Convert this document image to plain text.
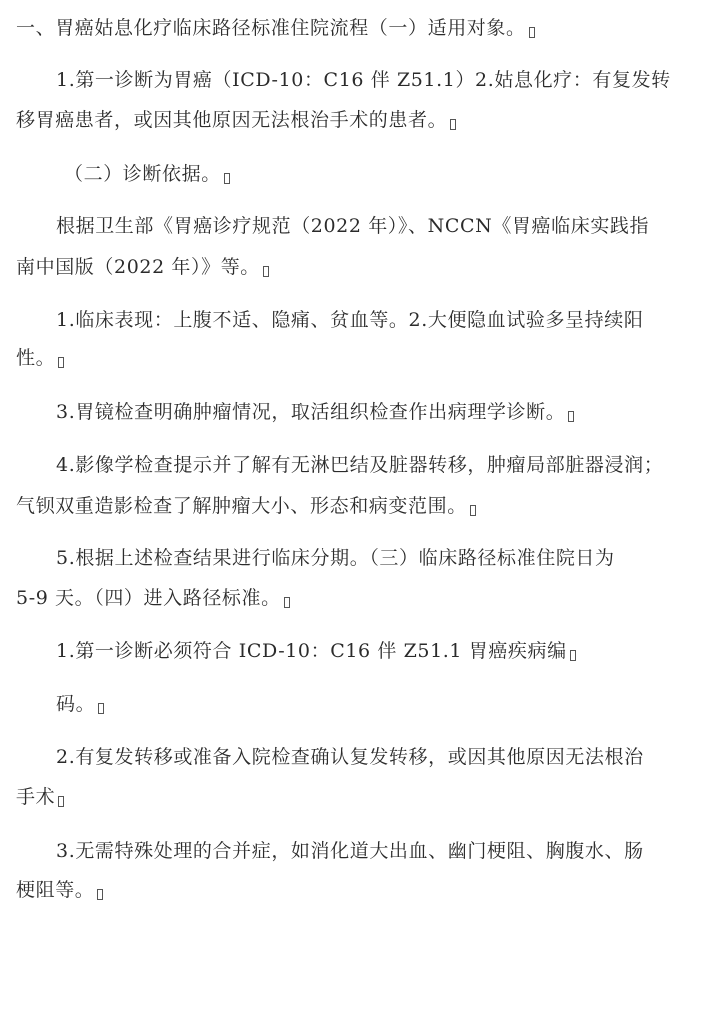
一、胃癌姑息化疗临床路径标准住院流程（一）适用对象。
1.第一诊断为胃癌（ICD-10：C16 伴 Z51.1）2.姑息化疗：有复发转
移胃癌患者，或因其他原因无法根治手术的患者。
（二）诊断依据。
根据卫生部《胃癌诊疗规范（2022 年）》、NCCN《胃癌临床实践指
南中国版（2022 年）》等。
1.临床表现：上腹不适、隐痛、贫血等。2.大便隐血试验多呈持续阳
性。
3.胃镜检查明确肿瘤情况，取活组织检查作出病理学诊断。
4.影像学检查提示并了解有无淋巴结及脏器转移，肿瘤局部脏器浸润；
气钡双重造影检查了解肿瘤大小、形态和病变范围。
5.根据上述检查结果进行临床分期。（三）临床路径标准住院日为
5-9 天。（四）进入路径标准。
1.第一诊断必须符合 ICD-10：C16 伴 Z51.1 胃癌疾病编
码。
2.有复发转移或准备入院检查确认复发转移，或因其他原因无法根治
手术
3.无需特殊处理的合并症，如消化道大出血、幽门梗阻、胸腹水、肠
梗阻等。
